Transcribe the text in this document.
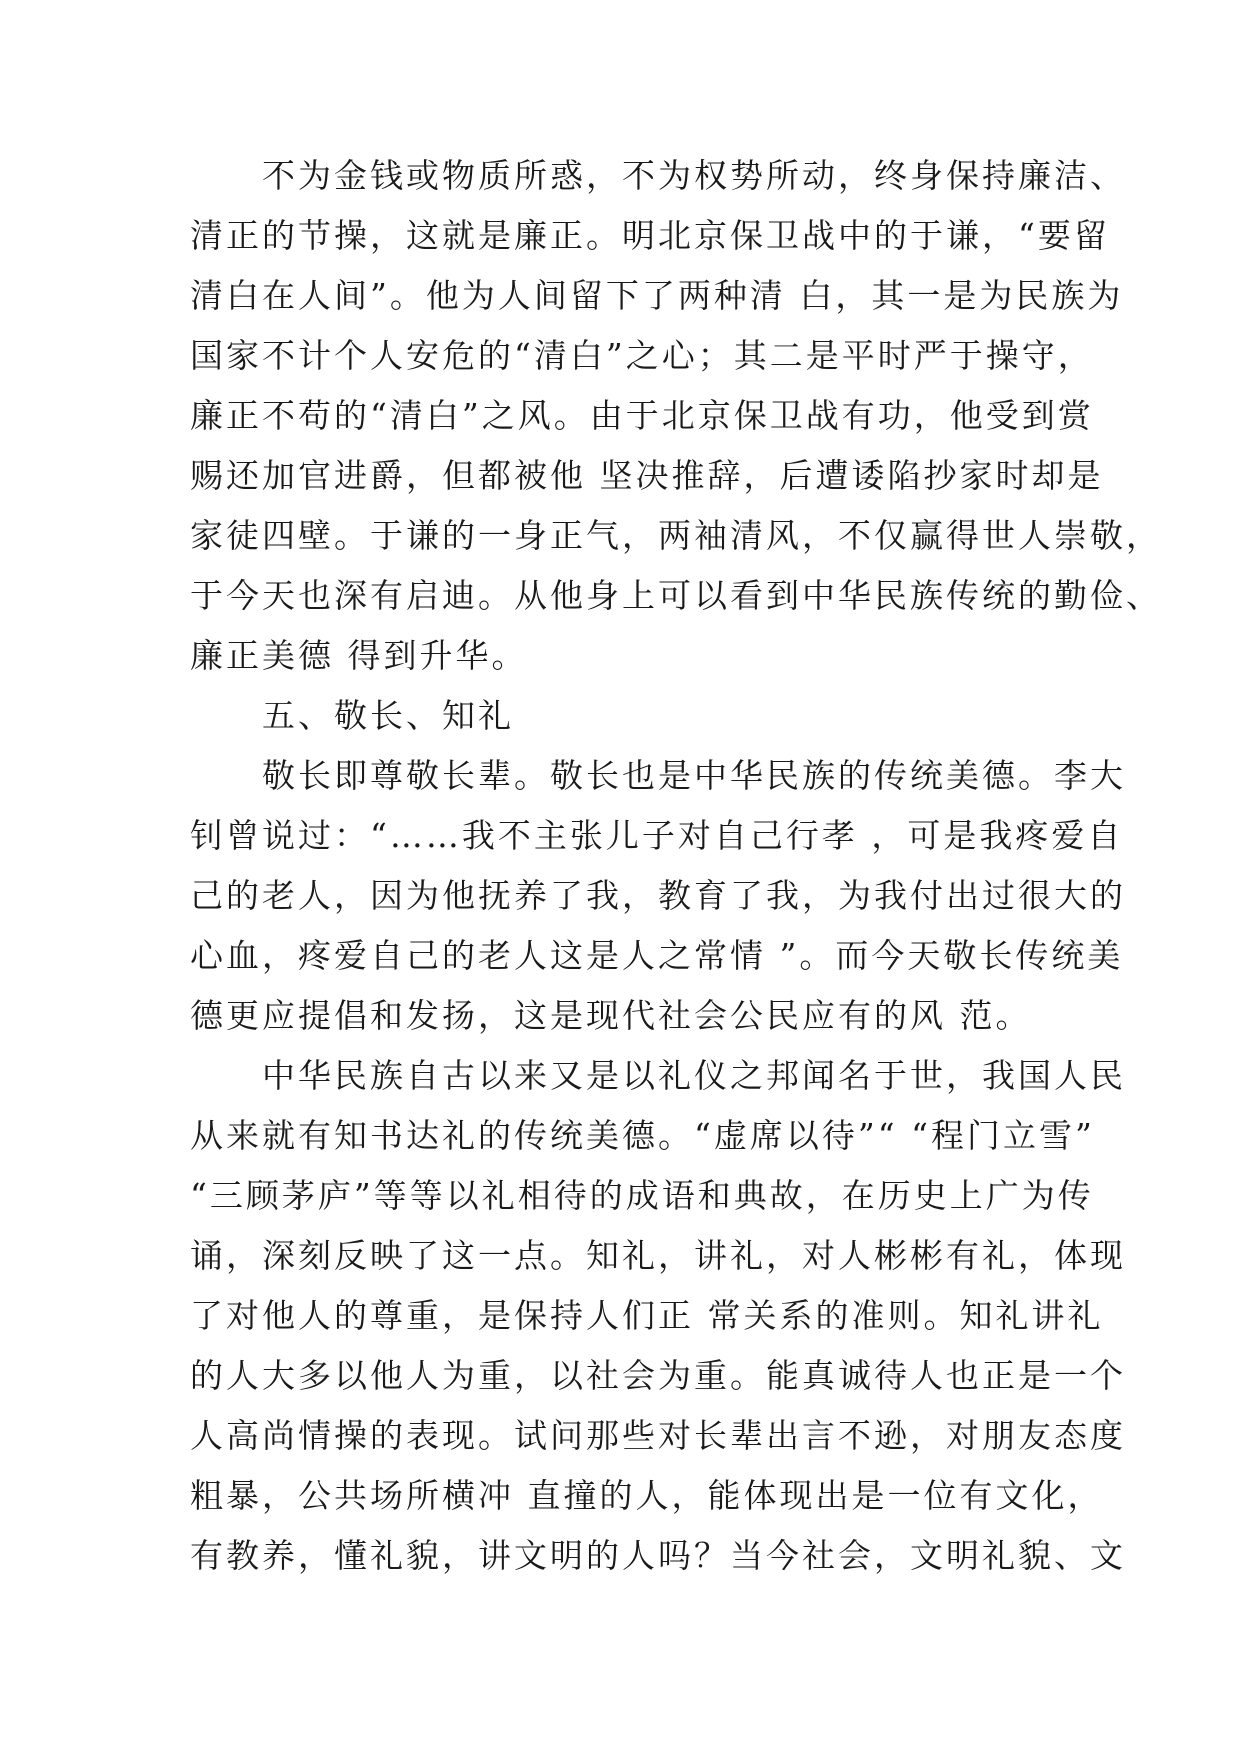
　　不为金钱或物质所惑，不为权势所动，终身保持廉洁、
清正的节操，这就是廉正。明北京保卫战中的于谦，“要留
清白在人间”。他为人间留下了两种清 白，其一是为民族为
国家不计个人安危的“清白”之心；其二是平时严于操守，
廉正不苟的“清白”之风。由于北京保卫战有功，他受到赏
赐还加官进爵，但都被他 坚决推辞，后遭诿陷抄家时却是
家徒四壁。于谦的一身正气，两袖清风，不仅赢得世人崇敬，
于今天也深有启迪。从他身上可以看到中华民族传统的勤俭、
廉正美德 得到升华。
　　五、敬长、知礼
　　敬长即尊敬长辈。敬长也是中华民族的传统美德。李大
钊曾说过：“……我不主张儿子对自己行孝 ，可是我疼爱自
己的老人，因为他抚养了我，教育了我，为我付出过很大的
心血，疼爱自己的老人这是人之常情 ”。而今天敬长传统美
德更应提倡和发扬，这是现代社会公民应有的风 范。
　　中华民族自古以来又是以礼仪之邦闻名于世，我国人民
从来就有知书达礼的传统美德。“虚席以待”“ “程门立雪”
“三顾茅庐”等等以礼相待的成语和典故，在历史上广为传
诵，深刻反映了这一点。知礼，讲礼，对人彬彬有礼，体现
了对他人的尊重，是保持人们正 常关系的准则。知礼讲礼
的人大多以他人为重，以社会为重。能真诚待人也正是一个
人高尚情操的表现。试问那些对长辈出言不逊，对朋友态度
粗暴，公共场所横冲 直撞的人，能体现出是一位有文化，
有教养，懂礼貌，讲文明的人吗？当今社会，文明礼貌、文
